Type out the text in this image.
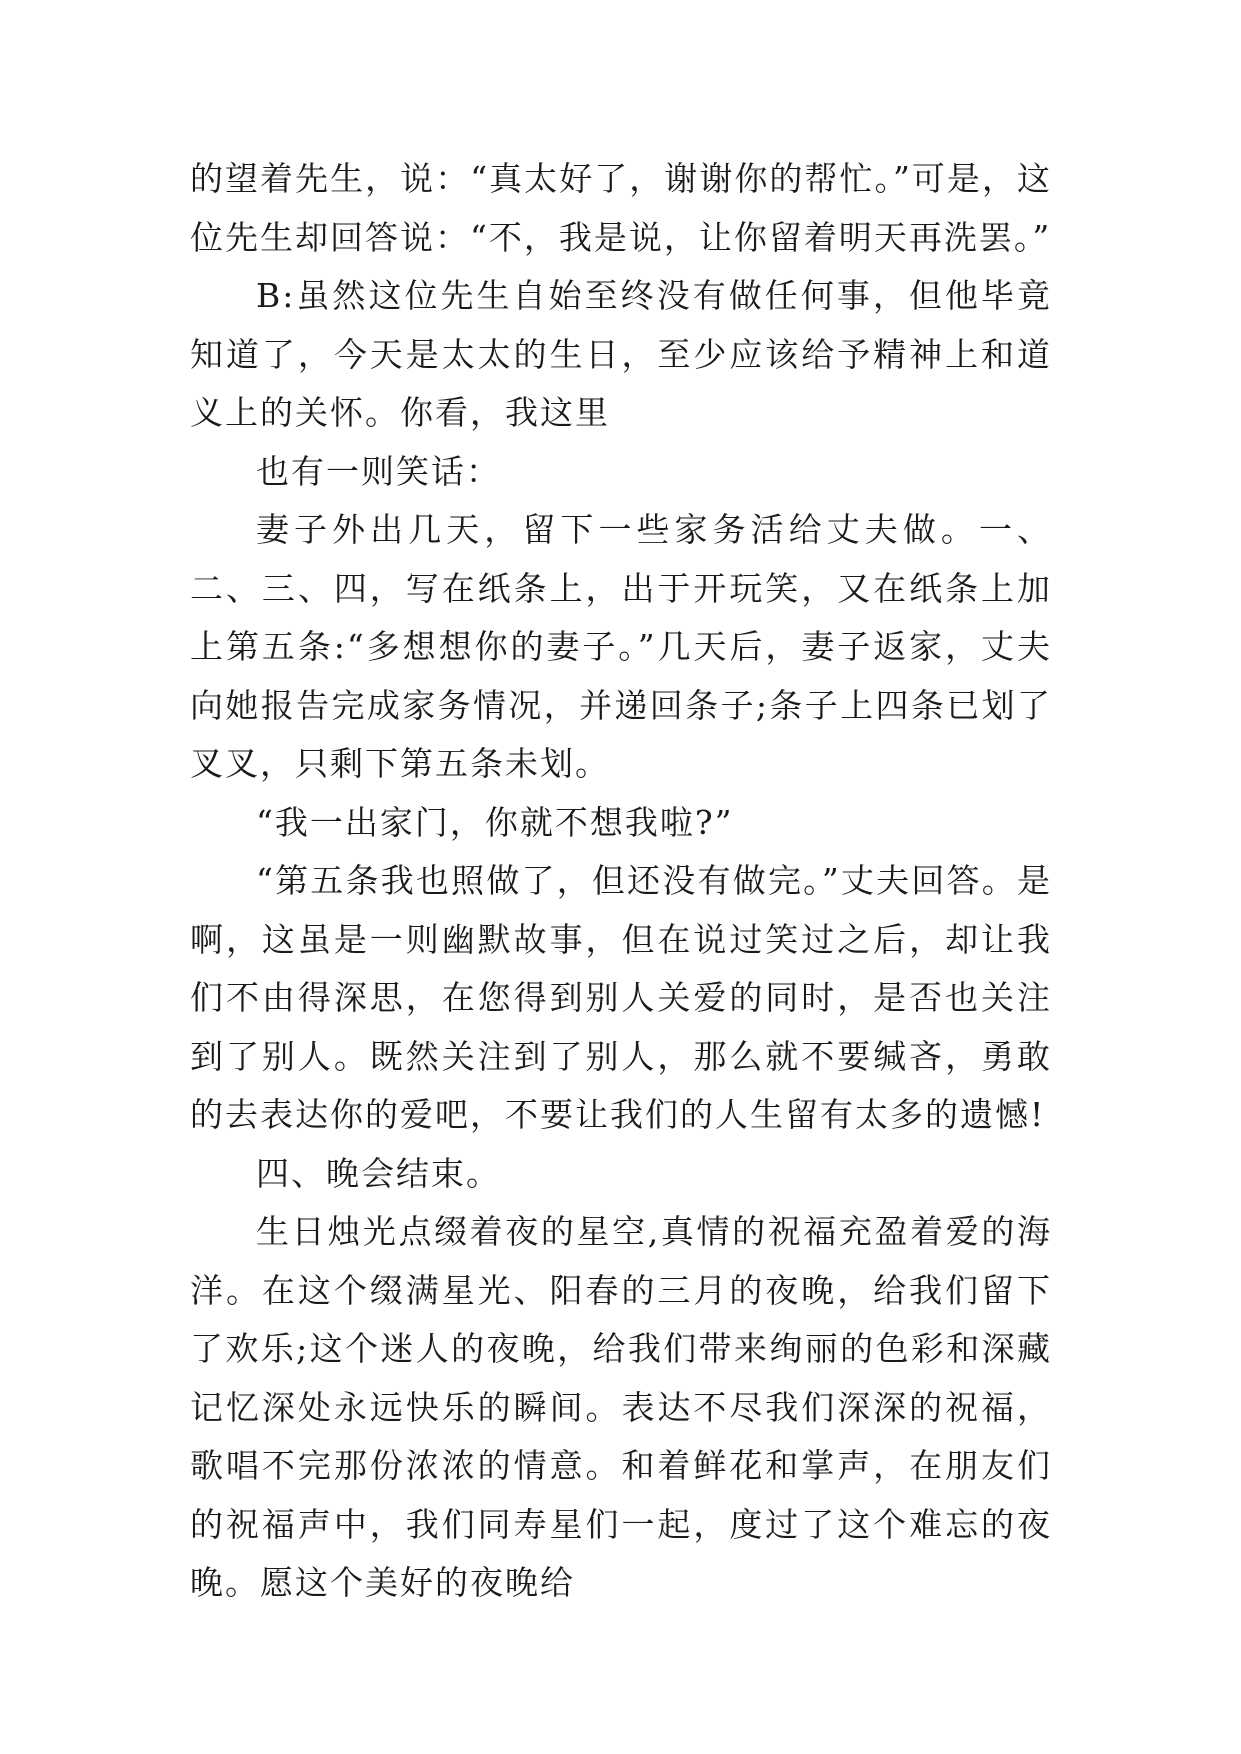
的望着先生，说：“真太好了，谢谢你的帮忙。”可是，这位先生却回答说：“不，我是说，让你留着明天再洗罢。”

B:虽然这位先生自始至终没有做任何事，但他毕竟知道了，今天是太太的生日，至少应该给予精神上和道义上的关怀。你看，我这里

也有一则笑话：

妻子外出几天，留下一些家务活给丈夫做。一、二、三、四，写在纸条上，出于开玩笑，又在纸条上加上第五条:“多想想你的妻子。”几天后，妻子返家，丈夫向她报告完成家务情况，并递回条子;条子上四条已划了叉叉，只剩下第五条未划。

“我一出家门，你就不想我啦?”

“第五条我也照做了，但还没有做完。”丈夫回答。是啊，这虽是一则幽默故事，但在说过笑过之后，却让我们不由得深思，在您得到别人关爱的同时，是否也关注到了别人。既然关注到了别人，那么就不要缄吝，勇敢的去表达你的爱吧，不要让我们的人生留有太多的遗憾!

四、晚会结束。

生日烛光点缀着夜的星空,真情的祝福充盈着爱的海洋。在这个缀满星光、阳春的三月的夜晚，给我们留下了欢乐;这个迷人的夜晚，给我们带来绚丽的色彩和深藏记忆深处永远快乐的瞬间。表达不尽我们深深的祝福，歌唱不完那份浓浓的情意。和着鲜花和掌声，在朋友们的祝福声中，我们同寿星们一起，度过了这个难忘的夜晚。愿这个美好的夜晚给
